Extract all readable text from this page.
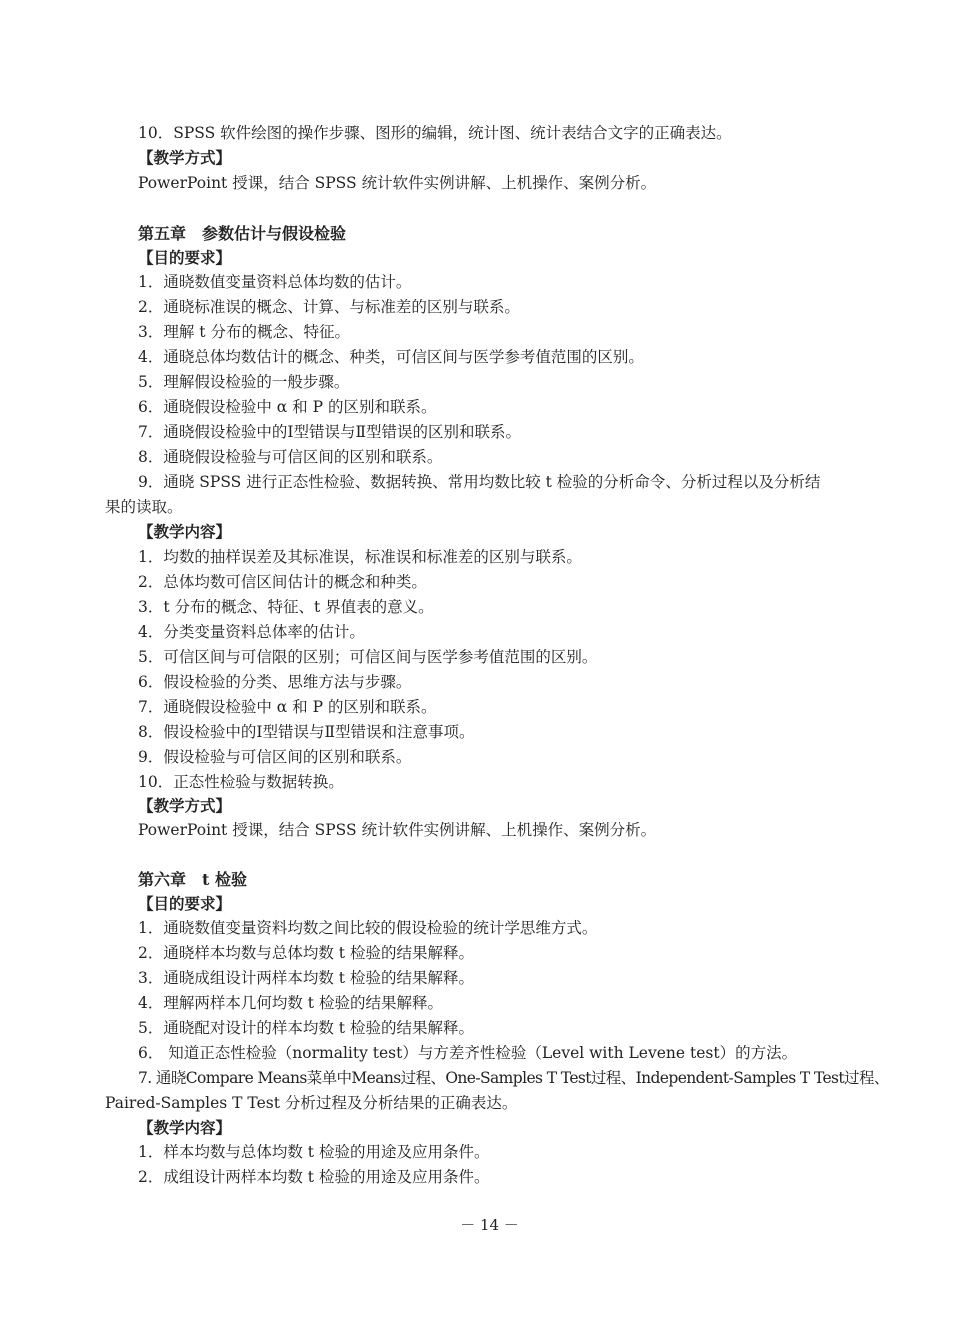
10．SPSS 软件绘图的操作步骤、图形的编辑，统计图、统计表结合文字的正确表达。
【教学方式】
PowerPoint 授课，结合 SPSS 统计软件实例讲解、上机操作、案例分析。
第五章　参数估计与假设检验
【目的要求】
1．通晓数值变量资料总体均数的估计。
2．通晓标准误的概念、计算、与标准差的区别与联系。
3．理解 t 分布的概念、特征。
4．通晓总体均数估计的概念、种类，可信区间与医学参考值范围的区别。
5．理解假设检验的一般步骤。
6．通晓假设检验中 α 和 P 的区别和联系。
7．通晓假设检验中的Ⅰ型错误与Ⅱ型错误的区别和联系。
8．通晓假设检验与可信区间的区别和联系。
9．通晓 SPSS 进行正态性检验、数据转换、常用均数比较 t 检验的分析命令、分析过程以及分析结
果的读取。
【教学内容】
1．均数的抽样误差及其标准误，标准误和标准差的区别与联系。
2．总体均数可信区间估计的概念和种类。
3．t 分布的概念、特征、t 界值表的意义。
4．分类变量资料总体率的估计。
5．可信区间与可信限的区别；可信区间与医学参考值范围的区别。
6．假设检验的分类、思维方法与步骤。
7．通晓假设检验中 α 和 P 的区别和联系。
8．假设检验中的Ⅰ型错误与Ⅱ型错误和注意事项。
9．假设检验与可信区间的区别和联系。
10．正态性检验与数据转换。
【教学方式】
PowerPoint 授课，结合 SPSS 统计软件实例讲解、上机操作、案例分析。
第六章　t 检验
【目的要求】
1．通晓数值变量资料均数之间比较的假设检验的统计学思维方式。
2．通晓样本均数与总体均数 t 检验的结果解释。
3．通晓成组设计两样本均数 t 检验的结果解释。
4．理解两样本几何均数 t 检验的结果解释。
5．通晓配对设计的样本均数 t 检验的结果解释。
6． 知道正态性检验（normality test）与方差齐性检验（Level with Levene test）的方法。
7. 通晓Compare Means菜单中Means过程、One-Samples T Test过程、Independent-Samples T Test过程、
Paired-Samples T Test 分析过程及分析结果的正确表达。
【教学内容】
1．样本均数与总体均数 t 检验的用途及应用条件。
2．成组设计两样本均数 t 检验的用途及应用条件。
－ 14 －
